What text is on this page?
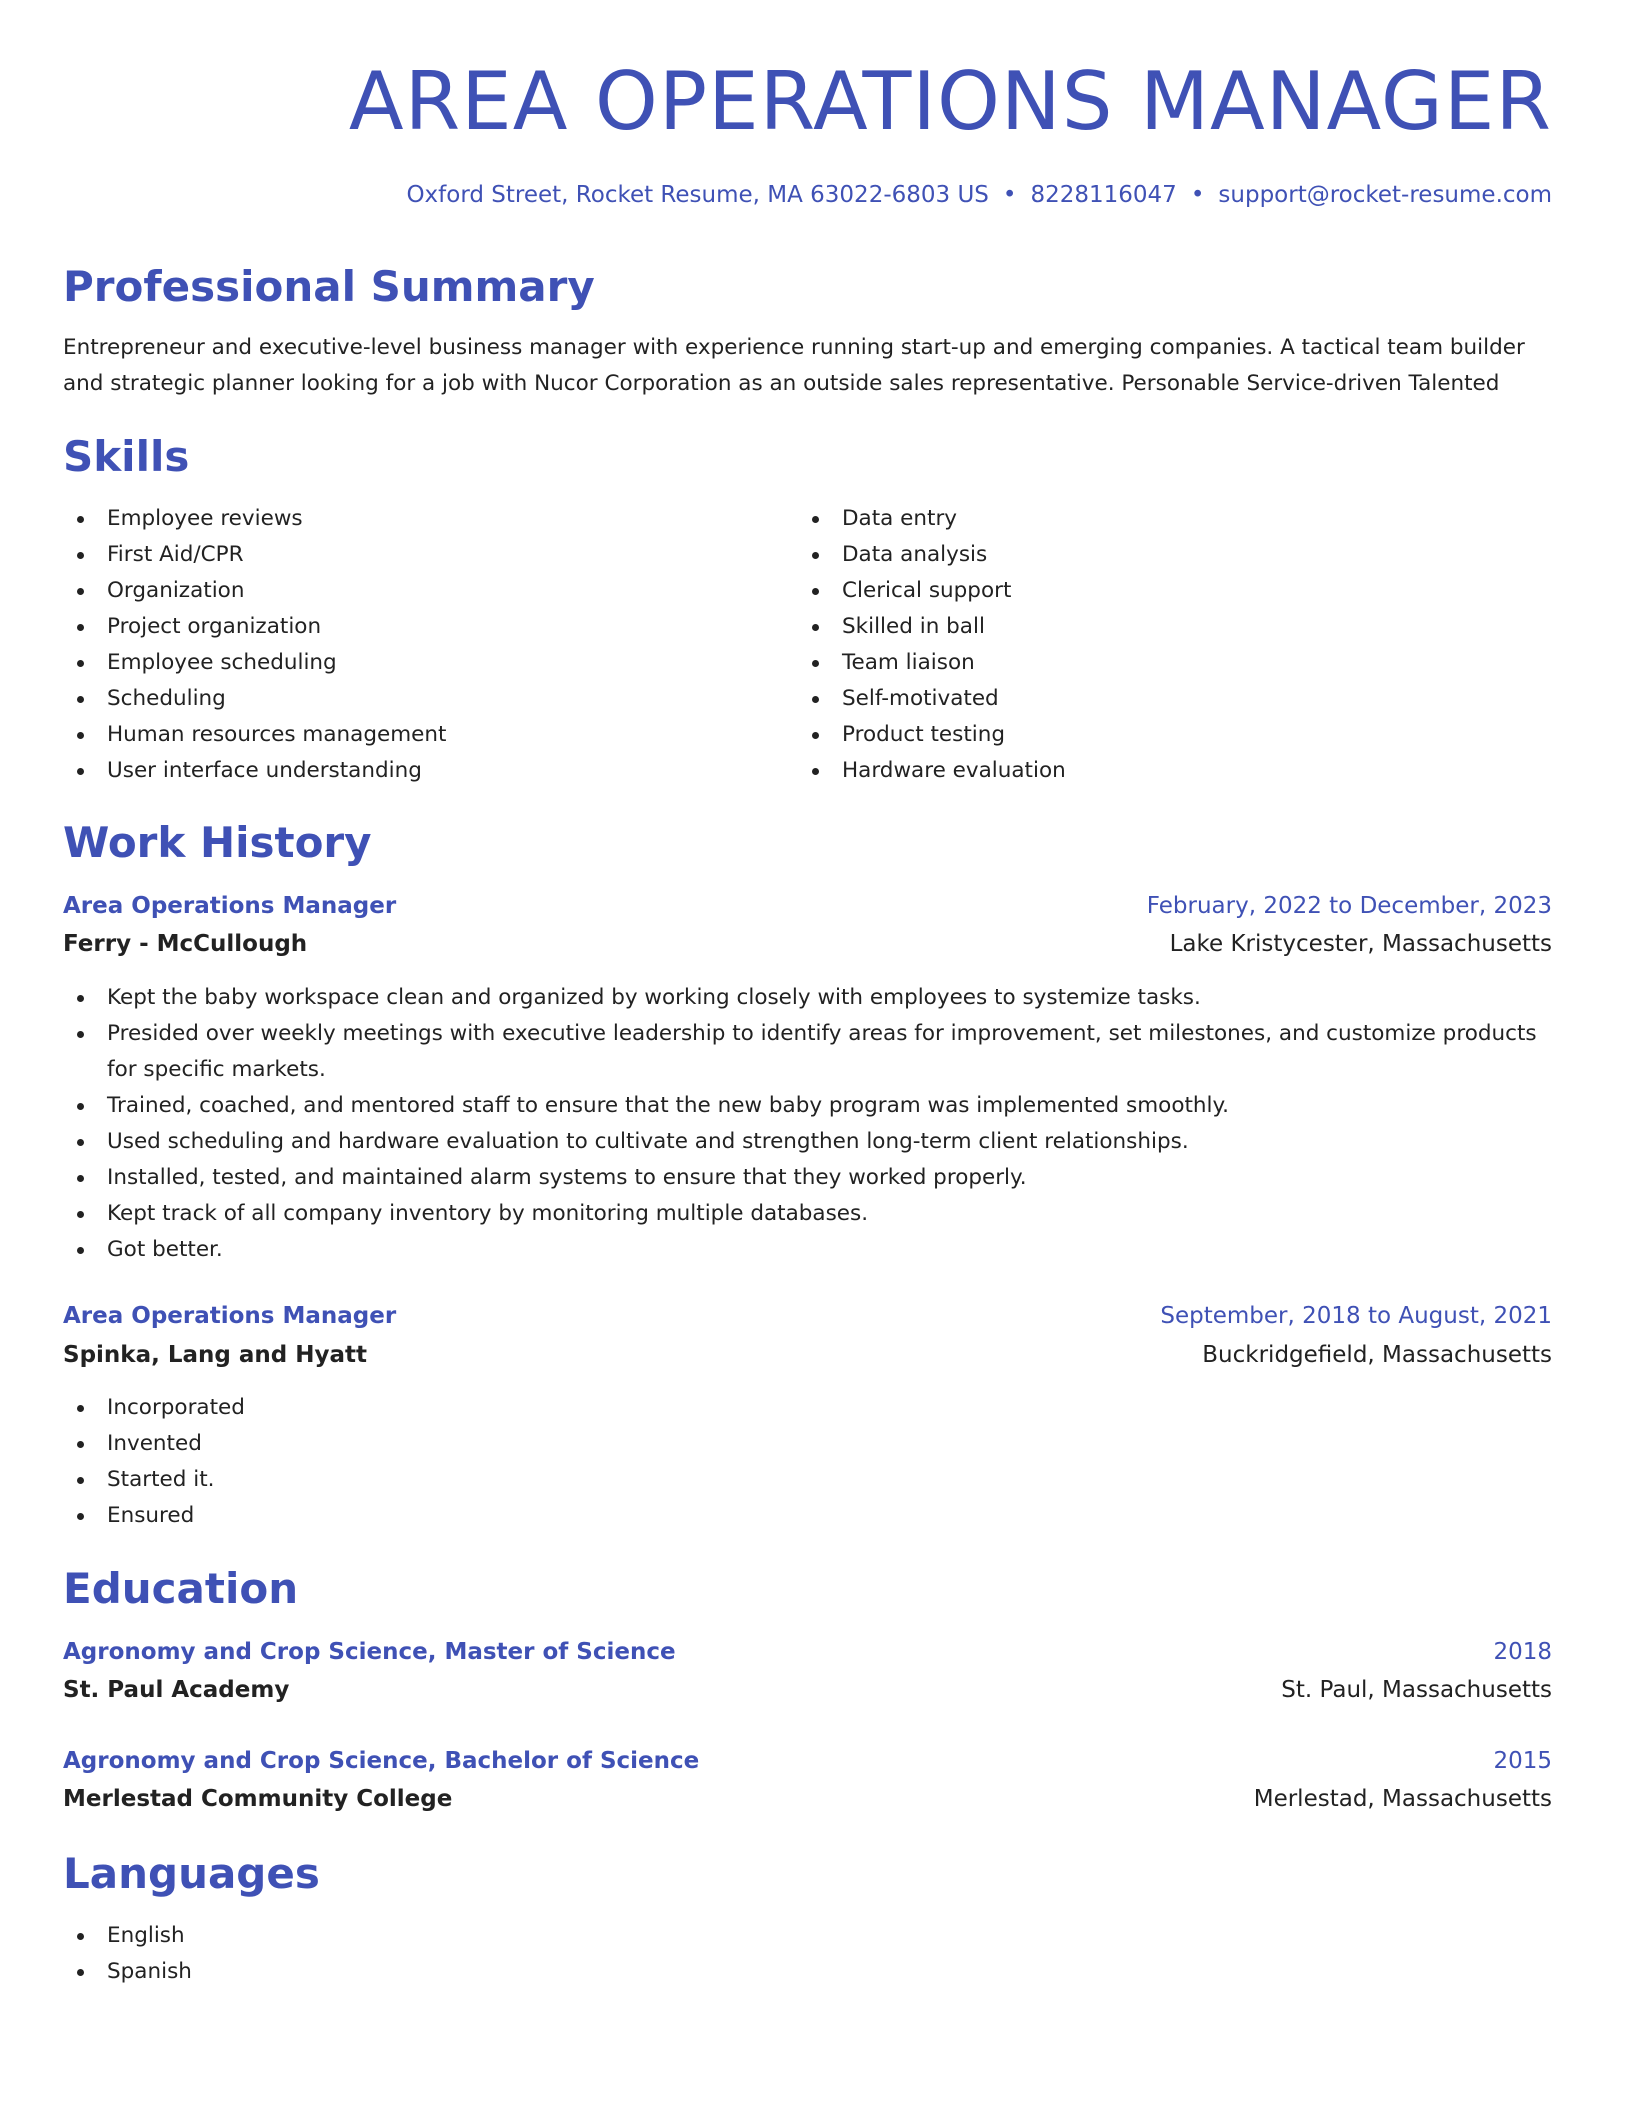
AREA OPERATIONS MANAGER
Oxford Street, Rocket Resume, MA 63022-6803 US • 8228116047 • support@rocket-resume.com
Professional Summary
Entrepreneur and executive-level business manager with experience running start-up and emerging companies. A tactical team builder and strategic planner looking for a job with Nucor Corporation as an outside sales representative. Personable Service-driven Talented
Skills
Employee reviews
First Aid/CPR
Organization
Project organization
Employee scheduling
Scheduling
Human resources management
User interface understanding
Data entry
Data analysis
Clerical support
Skilled in ball
Team liaison
Self-motivated
Product testing
Hardware evaluation
Work History
Area Operations Manager	February, 2022 to December, 2023
Ferry - McCullough	Lake Kristycester, Massachusetts
Kept the baby workspace clean and organized by working closely with employees to systemize tasks.
Presided over weekly meetings with executive leadership to identify areas for improvement, set milestones, and customize products for specific markets.
Trained, coached, and mentored staff to ensure that the new baby program was implemented smoothly.
Used scheduling and hardware evaluation to cultivate and strengthen long-term client relationships.
Installed, tested, and maintained alarm systems to ensure that they worked properly.
Kept track of all company inventory by monitoring multiple databases.
Got better.
Area Operations Manager	September, 2018 to August, 2021
Spinka, Lang and Hyatt	Buckridgefield, Massachusetts
Incorporated
Invented
Started it.
Ensured
Education
Agronomy and Crop Science, Master of Science	2018
St. Paul Academy	St. Paul, Massachusetts
Agronomy and Crop Science, Bachelor of Science	2015
Merlestad Community College	Merlestad, Massachusetts
Languages
English
Spanish
